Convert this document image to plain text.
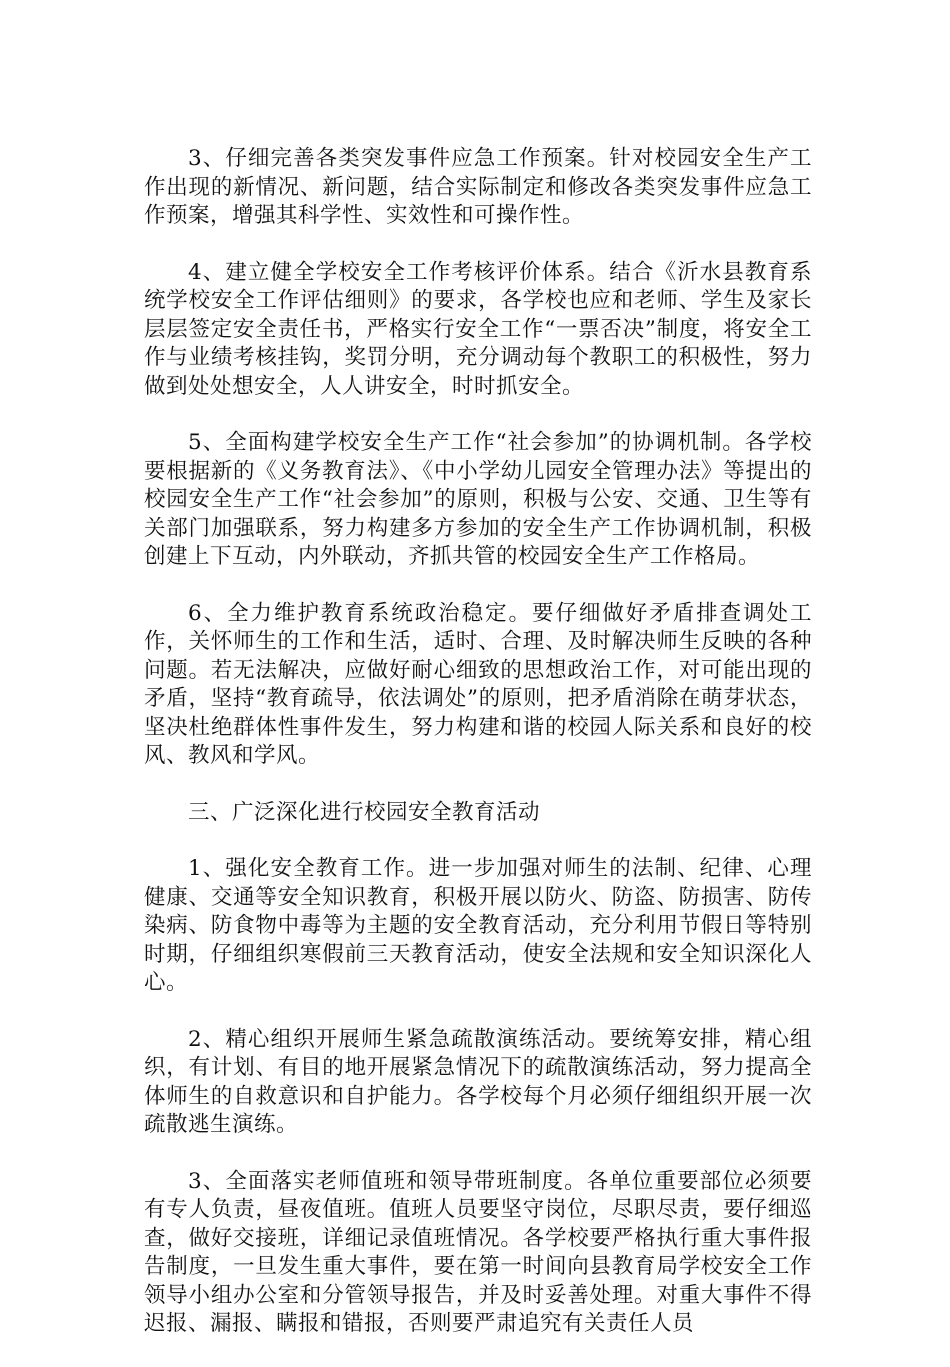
3、仔细完善各类突发事件应急工作预案。针对校园安全生产工作出现的新情况、新问题，结合实际制定和修改各类突发事件应急工作预案，增强其科学性、实效性和可操作性。

4、建立健全学校安全工作考核评价体系。结合《沂水县教育系统学校安全工作评估细则》的要求，各学校也应和老师、学生及家长层层签定安全责任书，严格实行安全工作“一票否决”制度，将安全工作与业绩考核挂钩，奖罚分明，充分调动每个教职工的积极性，努力做到处处想安全，人人讲安全，时时抓安全。

5、全面构建学校安全生产工作“社会参加”的协调机制。各学校要根据新的《义务教育法》、《中小学幼儿园安全管理办法》等提出的校园安全生产工作“社会参加”的原则，积极与公安、交通、卫生等有关部门加强联系，努力构建多方参加的安全生产工作协调机制，积极创建上下互动，内外联动，齐抓共管的校园安全生产工作格局。

6、全力维护教育系统政治稳定。要仔细做好矛盾排查调处工作，关怀师生的工作和生活，适时、合理、及时解决师生反映的各种问题。若无法解决，应做好耐心细致的思想政治工作，对可能出现的矛盾，坚持“教育疏导，依法调处”的原则，把矛盾消除在萌芽状态，坚决杜绝群体性事件发生，努力构建和谐的校园人际关系和良好的校风、教风和学风。

三、广泛深化进行校园安全教育活动

1、强化安全教育工作。进一步加强对师生的法制、纪律、心理健康、交通等安全知识教育，积极开展以防火、防盗、防损害、防传染病、防食物中毒等为主题的安全教育活动，充分利用节假日等特别时期，仔细组织寒假前三天教育活动，使安全法规和安全知识深化人心。

2、精心组织开展师生紧急疏散演练活动。要统筹安排，精心组织，有计划、有目的地开展紧急情况下的疏散演练活动，努力提高全体师生的自救意识和自护能力。各学校每个月必须仔细组织开展一次疏散逃生演练。

3、全面落实老师值班和领导带班制度。各单位重要部位必须要有专人负责，昼夜值班。值班人员要坚守岗位，尽职尽责，要仔细巡查，做好交接班，详细记录值班情况。各学校要严格执行重大事件报告制度，一旦发生重大事件，要在第一时间向县教育局学校安全工作领导小组办公室和分管领导报告，并及时妥善处理。对重大事件不得迟报、漏报、瞒报和错报，否则要严肃追究有关责任人员
